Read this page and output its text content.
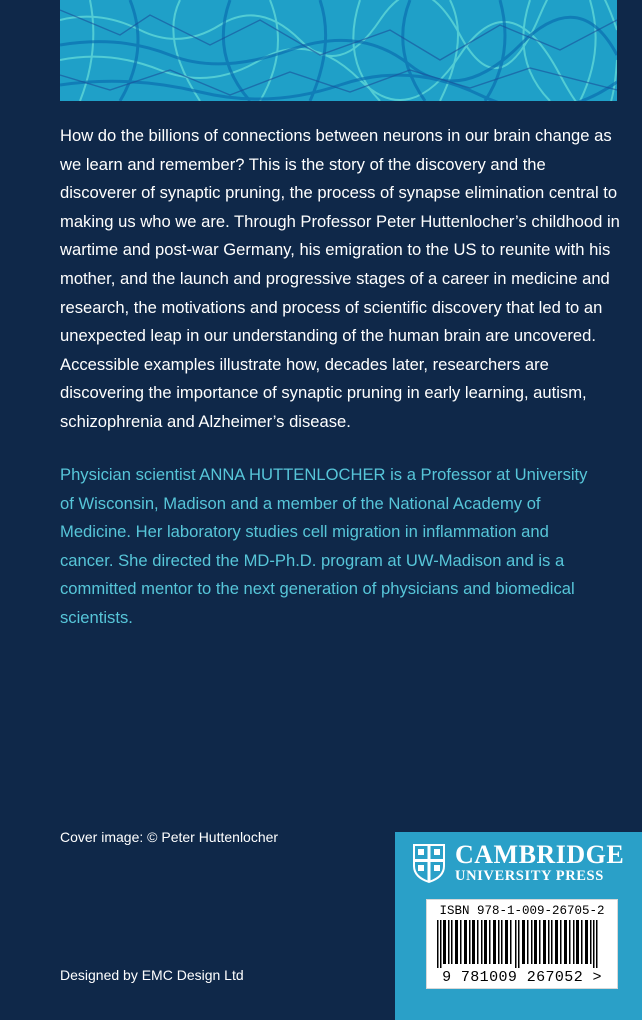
How do the billions of connections between neurons in our brain change as we learn and remember? This is the story of the discovery and the discoverer of synaptic pruning, the process of synapse elimination central to making us who we are. Through Professor Peter Huttenlocher’s childhood in wartime and post-war Germany, his emigration to the US to reunite with his mother, and the launch and progressive stages of a career in medicine and research, the motivations and process of scientific discovery that led to an unexpected leap in our understanding of the human brain are uncovered. Accessible examples illustrate how, decades later, researchers are discovering the importance of synaptic pruning in early learning, autism, schizophrenia and Alzheimer’s disease.

Physician scientist ANNA HUTTENLOCHER is a Professor at University of Wisconsin, Madison and a member of the National Academy of Medicine. Her laboratory studies cell migration in inflammation and cancer. She directed the MD-Ph.D. program at UW-Madison and is a committed mentor to the next generation of physicians and biomedical scientists.

Cover image: © Peter Huttenlocher
Designed by EMC Design Ltd
CAMBRIDGE
UNIVERSITY PRESS
ISBN 978-1-009-26705-2
9 781009 267052 >
